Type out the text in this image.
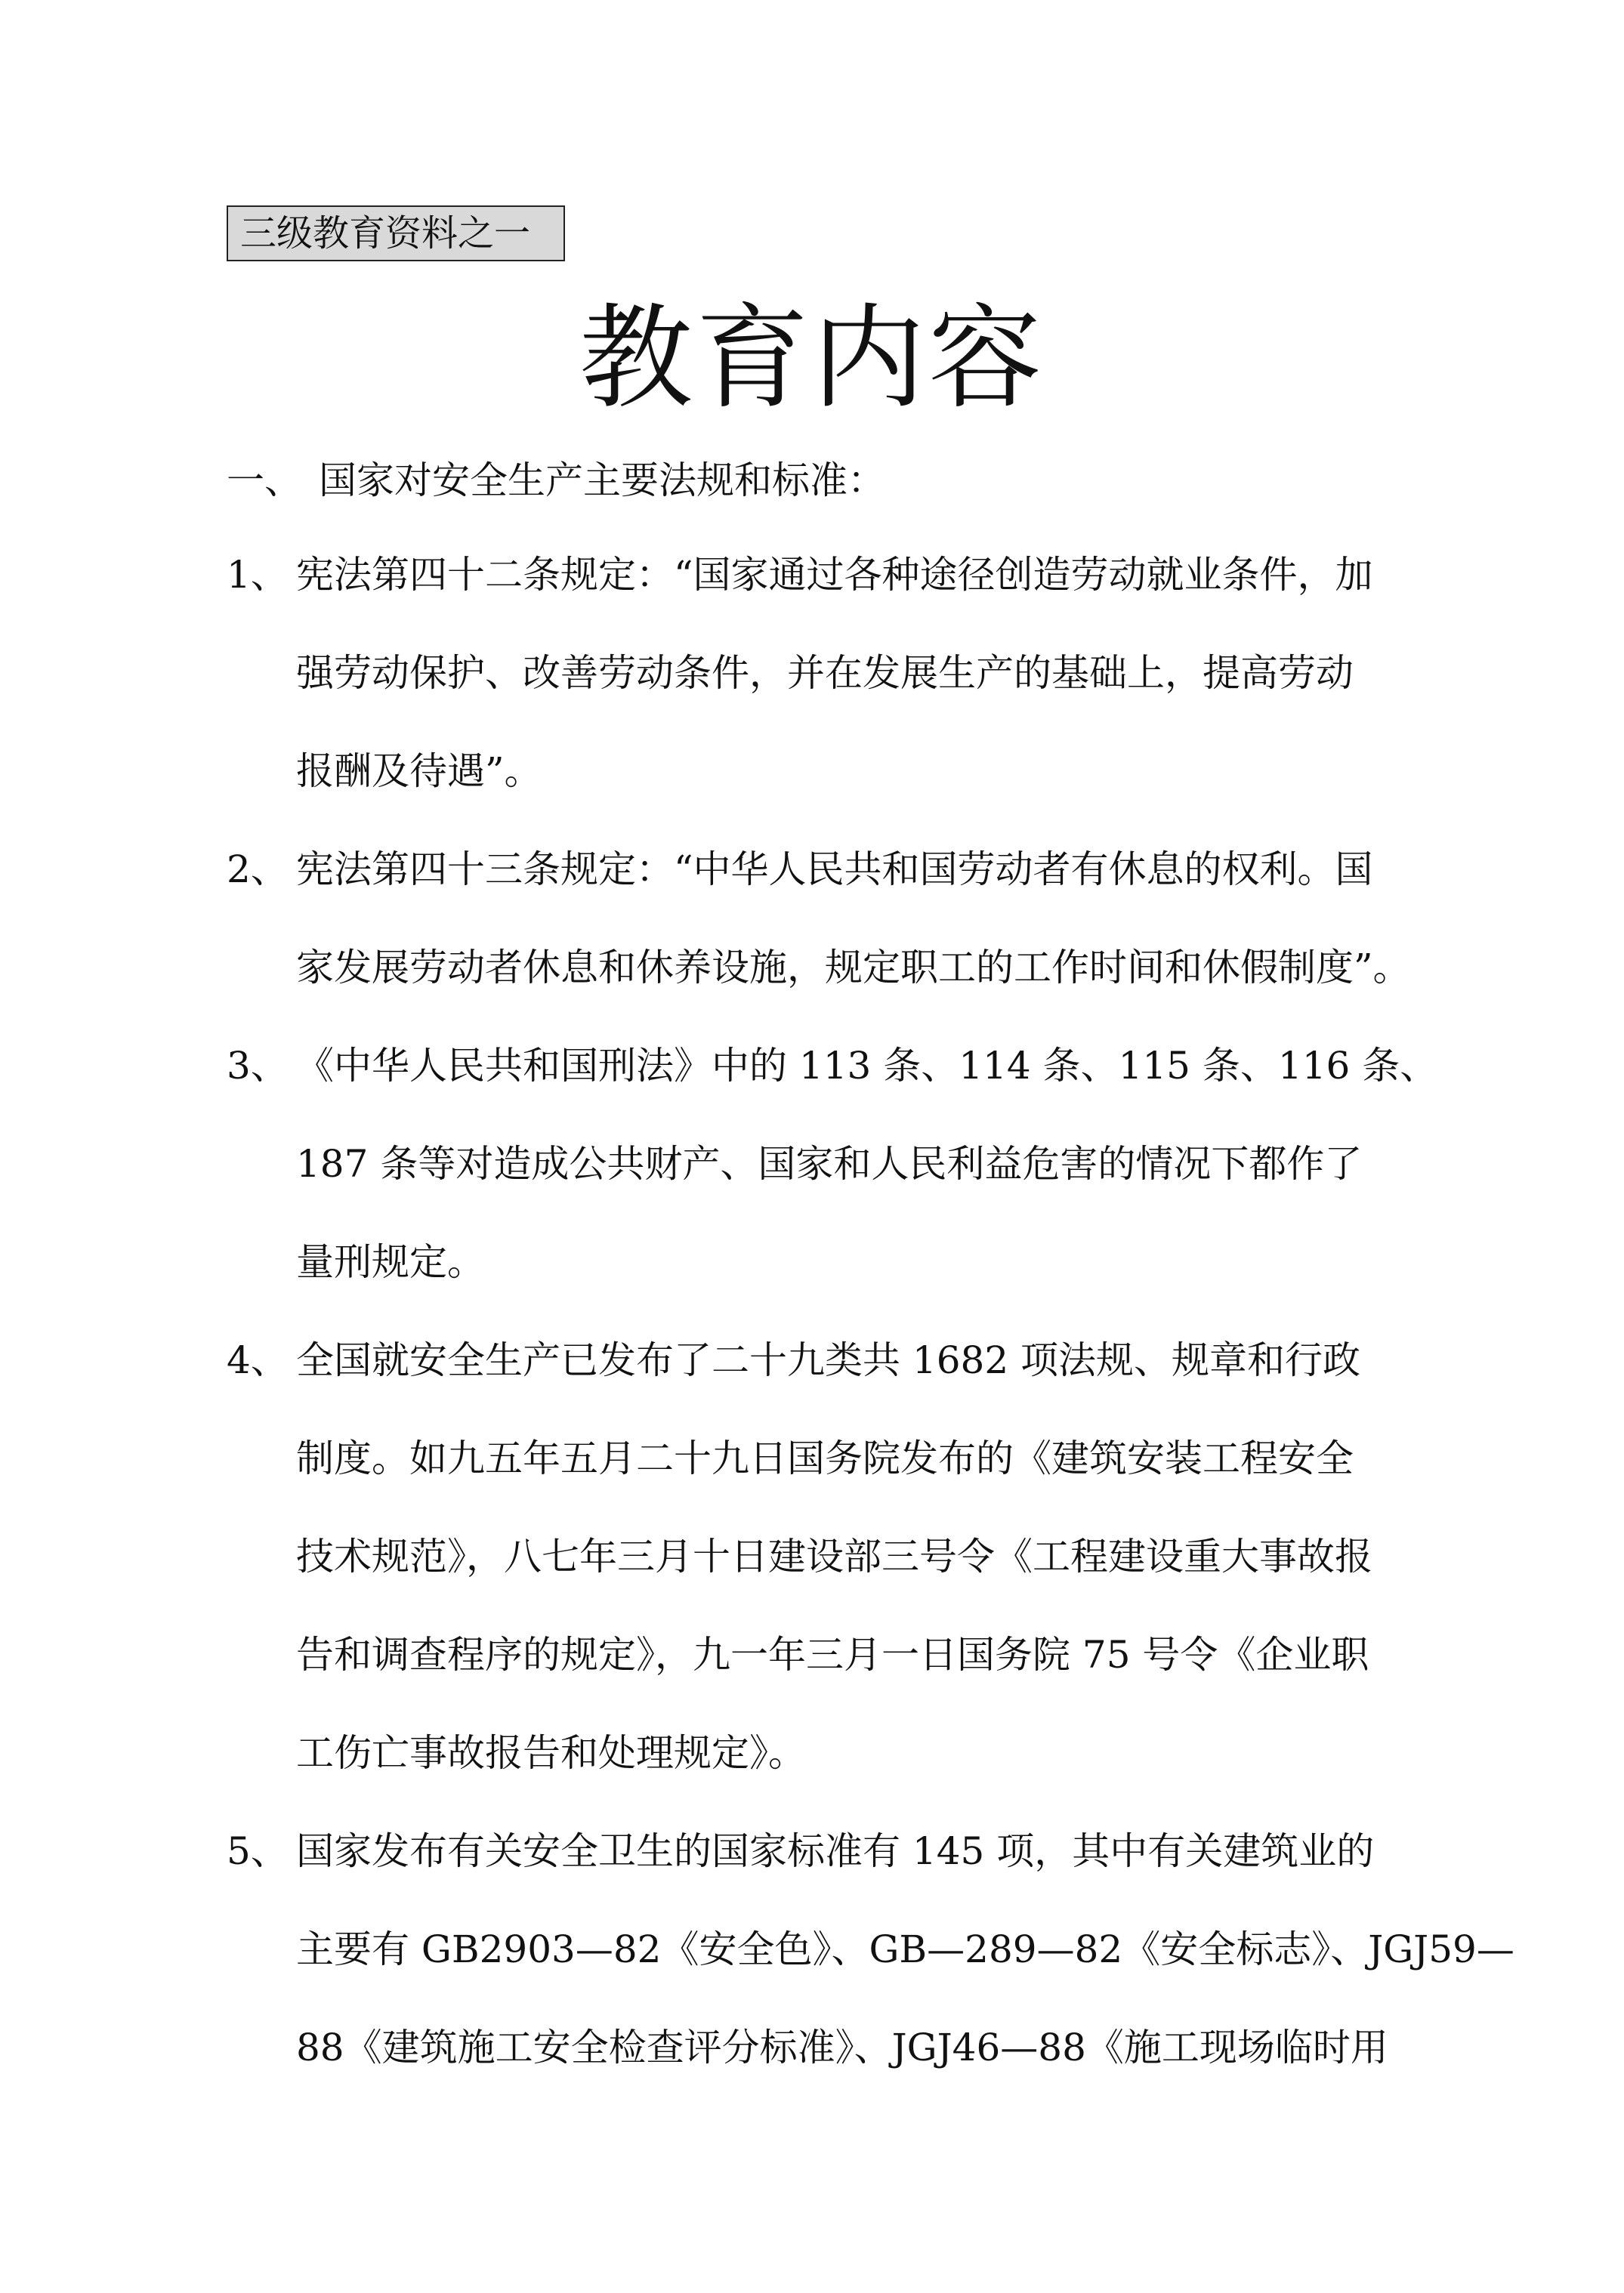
三级教育资料之一
教育内容
一、 国家对安全生产主要法规和标准：
1、 宪法第四十二条规定：“国家通过各种途径创造劳动就业条件，加
强劳动保护、改善劳动条件，并在发展生产的基础上，提高劳动
报酬及待遇”。
2、 宪法第四十三条规定：“中华人民共和国劳动者有休息的权利。国
家发展劳动者休息和休养设施，规定职工的工作时间和休假制度”。
3、 《中华人民共和国刑法》中的 113 条、114 条、115 条、116 条、
187 条等对造成公共财产、国家和人民利益危害的情况下都作了
量刑规定。
4、 全国就安全生产已发布了二十九类共 1682 项法规、规章和行政
制度。如九五年五月二十九日国务院发布的《建筑安装工程安全
技术规范》，八七年三月十日建设部三号令《工程建设重大事故报
告和调查程序的规定》，九一年三月一日国务院 75 号令《企业职
工伤亡事故报告和处理规定》。
5、 国家发布有关安全卫生的国家标准有 145 项，其中有关建筑业的
主要有 GB2903—82《安全色》、GB—289—82《安全标志》、JGJ59—
88《建筑施工安全检查评分标准》、JGJ46—88《施工现场临时用
